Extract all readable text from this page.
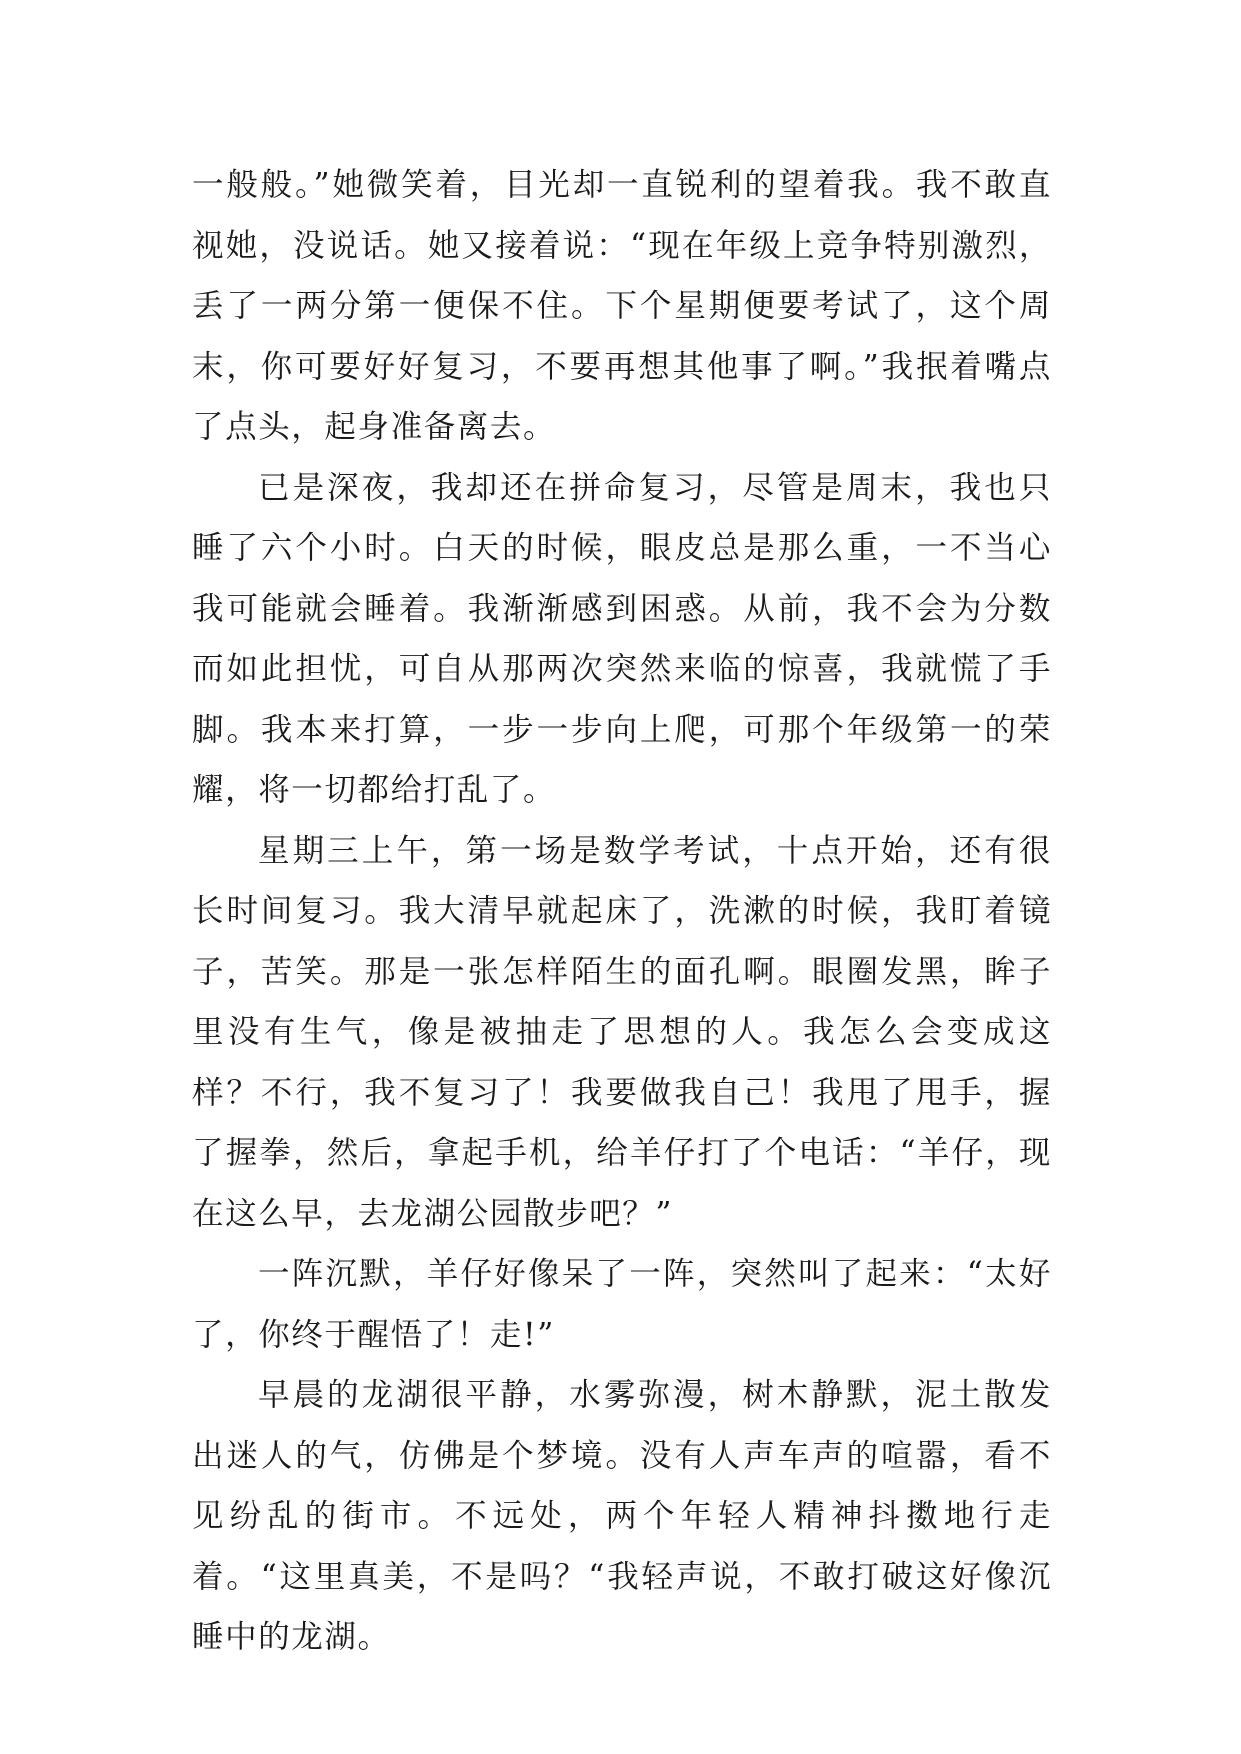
一般般。”她微笑着，目光却一直锐利的望着我。我不敢直视她，没说话。她又接着说：“现在年级上竞争特别激烈，丢了一两分第一便保不住。下个星期便要考试了，这个周末，你可要好好复习，不要再想其他事了啊。”我抿着嘴点了点头，起身准备离去。

已是深夜，我却还在拼命复习，尽管是周末，我也只睡了六个小时。白天的时候，眼皮总是那么重，一不当心我可能就会睡着。我渐渐感到困惑。从前，我不会为分数而如此担忧，可自从那两次突然来临的惊喜，我就慌了手脚。我本来打算，一步一步向上爬，可那个年级第一的荣耀，将一切都给打乱了。

星期三上午，第一场是数学考试，十点开始，还有很长时间复习。我大清早就起床了，洗漱的时候，我盯着镜子，苦笑。那是一张怎样陌生的面孔啊。眼圈发黑，眸子里没有生气，像是被抽走了思想的人。我怎么会变成这样？不行，我不复习了！我要做我自己！我甩了甩手，握了握拳，然后，拿起手机，给羊仔打了个电话：“羊仔，现在这么早，去龙湖公园散步吧？”

一阵沉默，羊仔好像呆了一阵，突然叫了起来：“太好了，你终于醒悟了！走!”

早晨的龙湖很平静，水雾弥漫，树木静默，泥土散发出迷人的气，仿佛是个梦境。没有人声车声的喧嚣，看不见纷乱的街市。不远处，两个年轻人精神抖擞地行走着。“这里真美，不是吗？“我轻声说，不敢打破这好像沉睡中的龙湖。
